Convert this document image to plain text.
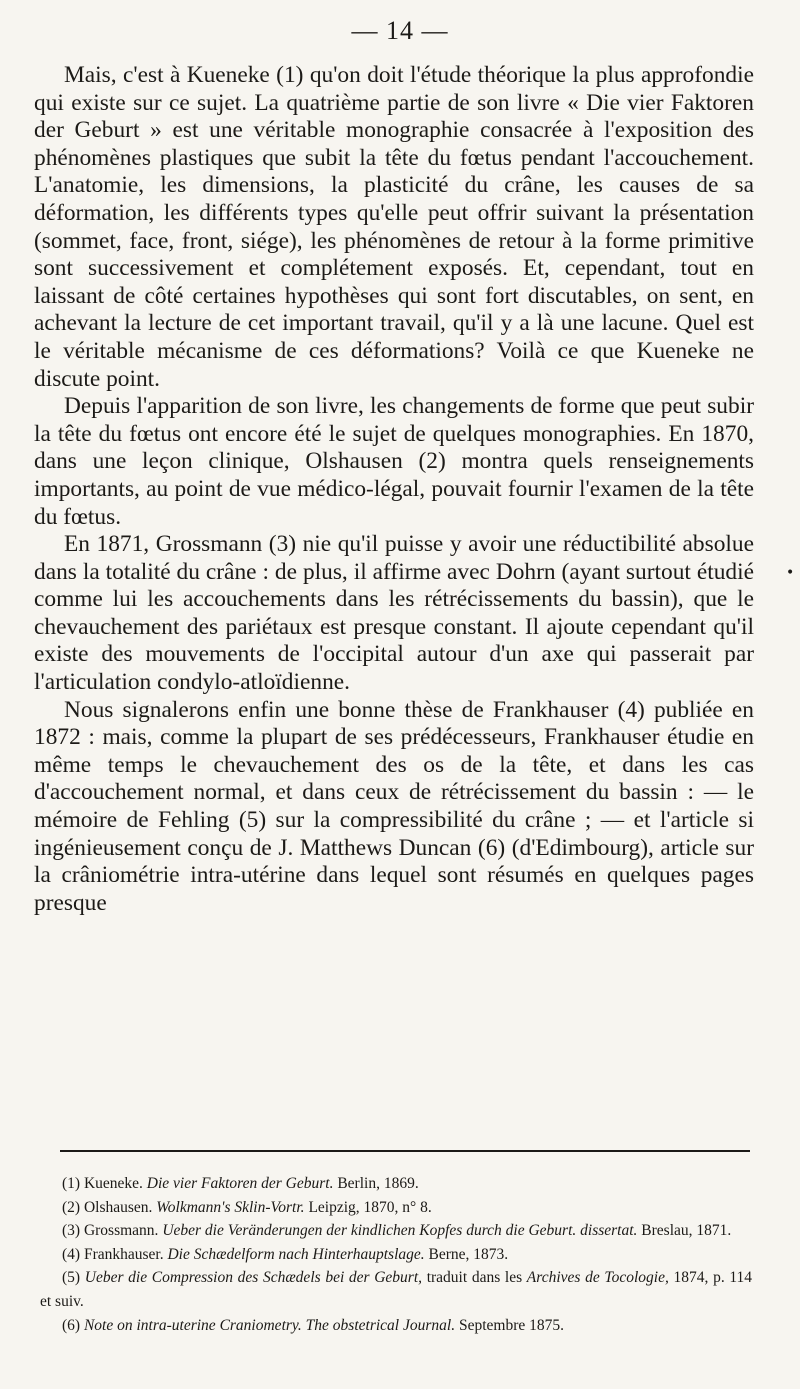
— 14 —

Mais, c'est à Kueneke (1) qu'on doit l'étude théorique la plus approfondie qui existe sur ce sujet. La quatrième partie de son livre « Die vier Faktoren der Geburt » est une véritable monographie consacrée à l'exposition des phénomènes plastiques que subit la tête du fœtus pendant l'accouchement. L'anatomie, les dimensions, la plasticité du crâne, les causes de sa déformation, les différents types qu'elle peut offrir suivant la présentation (sommet, face, front, siége), les phénomènes de retour à la forme primitive sont successivement et complétement exposés. Et, cependant, tout en laissant de côté certaines hypothèses qui sont fort discutables, on sent, en achevant la lecture de cet important travail, qu'il y a là une lacune. Quel est le véritable mécanisme de ces déformations? Voilà ce que Kueneke ne discute point.

Depuis l'apparition de son livre, les changements de forme que peut subir la tête du fœtus ont encore été le sujet de quelques monographies. En 1870, dans une leçon clinique, Olshausen (2) montra quels renseignements importants, au point de vue médico-légal, pouvait fournir l'examen de la tête du fœtus.

En 1871, Grossmann (3) nie qu'il puisse y avoir une réductibilité absolue dans la totalité du crâne : de plus, il affirme avec Dohrn (ayant surtout étudié comme lui les accouchements dans les rétrécissements du bassin), que le chevauchement des pariétaux est presque constant. Il ajoute cependant qu'il existe des mouvements de l'occipital autour d'un axe qui passerait par l'articulation condylo-atloïdienne.

Nous signalerons enfin une bonne thèse de Frankhauser (4) publiée en 1872 : mais, comme la plupart de ses prédécesseurs, Frankhauser étudie en même temps le chevauchement des os de la tête, et dans les cas d'accouchement normal, et dans ceux de rétrécissement du bassin : — le mémoire de Fehling (5) sur la compressibilité du crâne ; — et l'article si ingénieusement conçu de J. Matthews Duncan (6) (d'Edimbourg), article sur la crâniométrie intra-utérine dans lequel sont résumés en quelques pages presque

•

(1) Kueneke. Die vier Faktoren der Geburt. Berlin, 1869.

(2) Olshausen. Wolkmann's Sklin-Vortr. Leipzig, 1870, n° 8.

(3) Grossmann. Ueber die Veränderungen der kindlichen Kopfes durch die Geburt. dissertat. Breslau, 1871.

(4) Frankhauser. Die Schædelform nach Hinterhauptslage. Berne, 1873.

(5) Ueber die Compression des Schædels bei der Geburt, traduit dans les Archives de Tocologie, 1874, p. 114 et suiv.

(6) Note on intra-uterine Craniometry. The obstetrical Journal. Septembre 1875.
